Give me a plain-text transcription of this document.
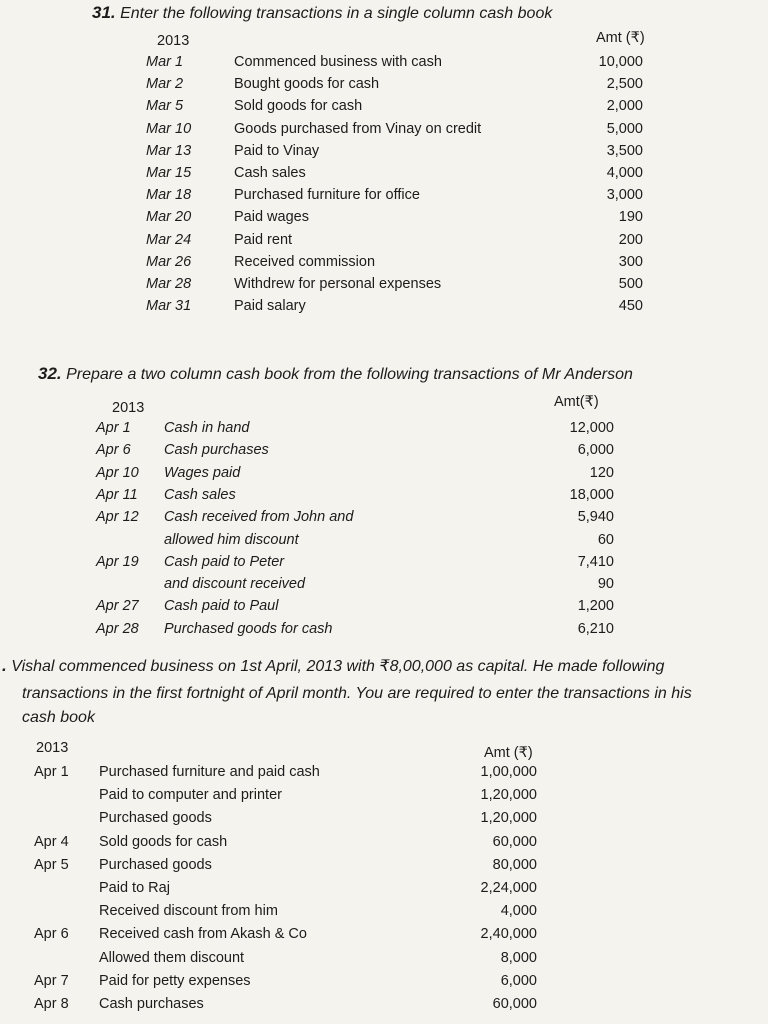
31. Enter the following transactions in a single column cash book
2013	Amt (₹)
Mar 1	Commenced business with cash	10,000
Mar 2	Bought goods for cash	2,500
Mar 5	Sold goods for cash	2,000
Mar 10	Goods purchased from Vinay on credit	5,000
Mar 13	Paid to Vinay	3,500
Mar 15	Cash sales	4,000
Mar 18	Purchased furniture for office	3,000
Mar 20	Paid wages	190
Mar 24	Paid rent	200
Mar 26	Received commission	300
Mar 28	Withdrew for personal expenses	500
Mar 31	Paid salary	450
32. Prepare a two column cash book from the following transactions of Mr Anderson
2013	Amt(₹)
Apr 1 Cash in hand	12,000
Apr 6 Cash purchases	6,000
Apr 10 Wages paid	120
Apr 11 Cash sales	18,000
Apr 12 Cash received from John and	5,940
allowed him discount	60
Apr 19 Cash paid to Peter	7,410
and discount received	90
Apr 27 Cash paid to Paul	1,200
Apr 28 Purchased goods for cash	6,210
. Vishal commenced business on 1st April, 2013 with ₹8,00,000 as capital. He made following
transactions in the first fortnight of April month. You are required to enter the transactions in his
cash book
2013	Amt (₹)
Apr 1 Purchased furniture and paid cash	1,00,000
Paid to computer and printer	1,20,000
Purchased goods	1,20,000
Apr 4 Sold goods for cash	60,000
Apr 5 Purchased goods	80,000
Paid to Raj	2,24,000
Received discount from him	4,000
Apr 6 Received cash from Akash & Co	2,40,000
Allowed them discount	8,000
Apr 7 Paid for petty expenses	6,000
Apr 8 Cash purchases	60,000
